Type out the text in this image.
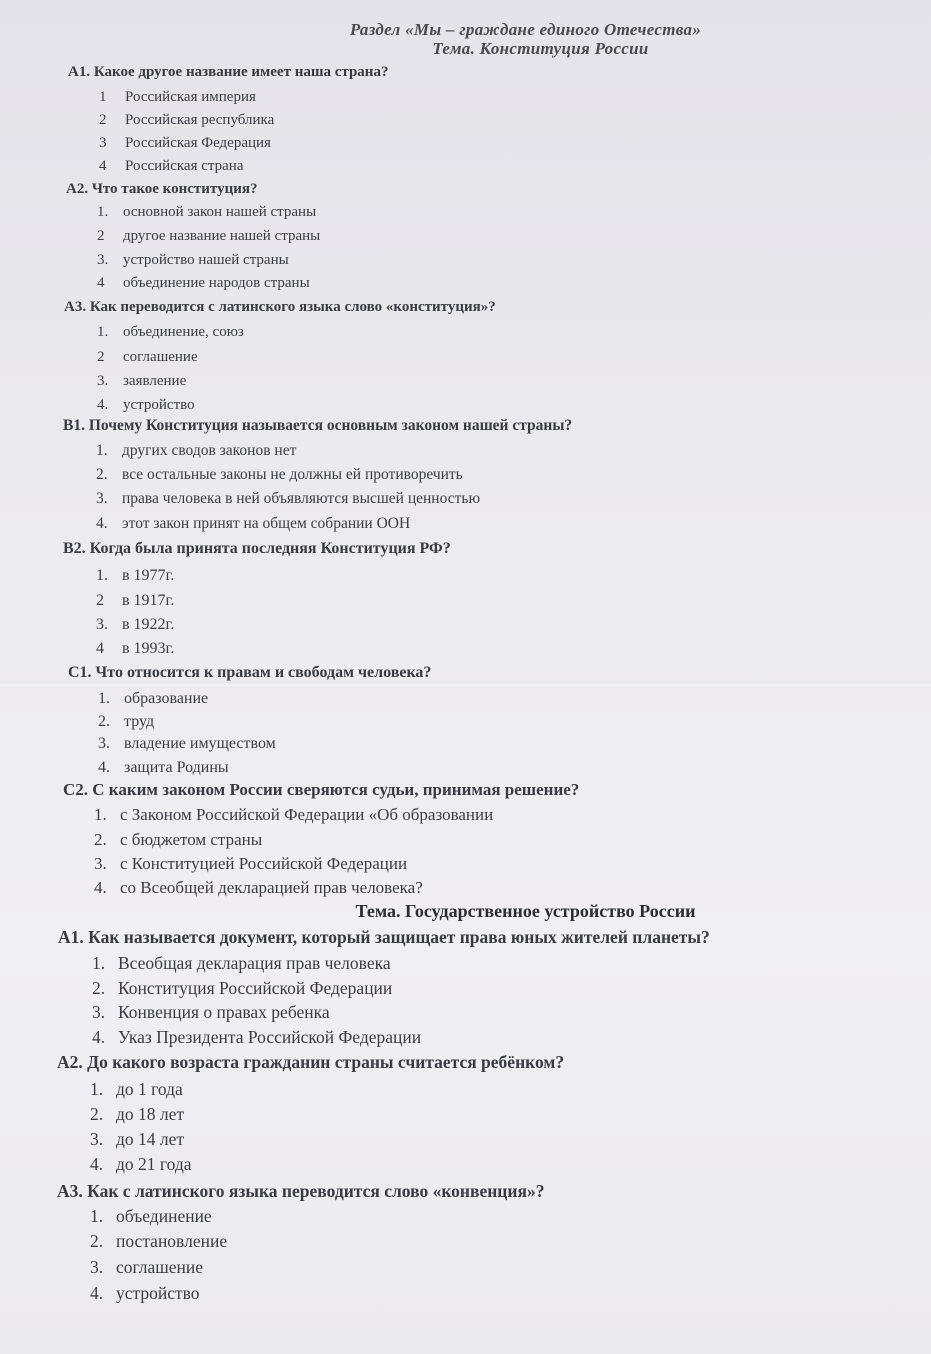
Раздел «Мы – граждане единого Отечества»
Тема. Конституция России
А1. Какое другое название имеет наша страна?
1 Российская империя
2 Российская республика
3 Российская Федерация
4 Российская страна
А2. Что такое конституция?
1. основной закон нашей страны
2 другое название нашей страны
3. устройство нашей страны
4 объединение народов страны
А3. Как переводится с латинского языка слово «конституция»?
1. объединение, союз
2 соглашение
3. заявление
4. устройство
В1. Почему Конституция называется основным законом нашей страны?
1. других сводов законов нет
2. все остальные законы не должны ей противоречить
3. права человека в ней объявляются высшей ценностью
4. этот закон принят на общем собрании ООН
В2. Когда была принята последняя Конституция РФ?
1. в 1977г.
2 в 1917г.
3. в 1922г.
4 в 1993г.
С1. Что относится к правам и свободам человека?
1. образование
2. труд
3. владение имуществом
4. защита Родины
С2. С каким законом России сверяются судьи, принимая решение?
1. с Законом Российской Федерации «Об образовании
2. с бюджетом страны
3. с Конституцией Российской Федерации
4. со Всеобщей декларацией прав человека?
Тема. Государственное устройство России
А1. Как называется документ, который защищает права юных жителей планеты?
1. Всеобщая декларация прав человека
2. Конституция Российской Федерации
3. Конвенция о правах ребенка
4. Указ Президента Российской Федерации
А2. До какого возраста гражданин страны считается ребёнком?
1. до 1 года
2. до 18 лет
3. до 14 лет
4. до 21 года
А3. Как с латинского языка переводится слово «конвенция»?
1. объединение
2. постановление
3. соглашение
4. устройство
